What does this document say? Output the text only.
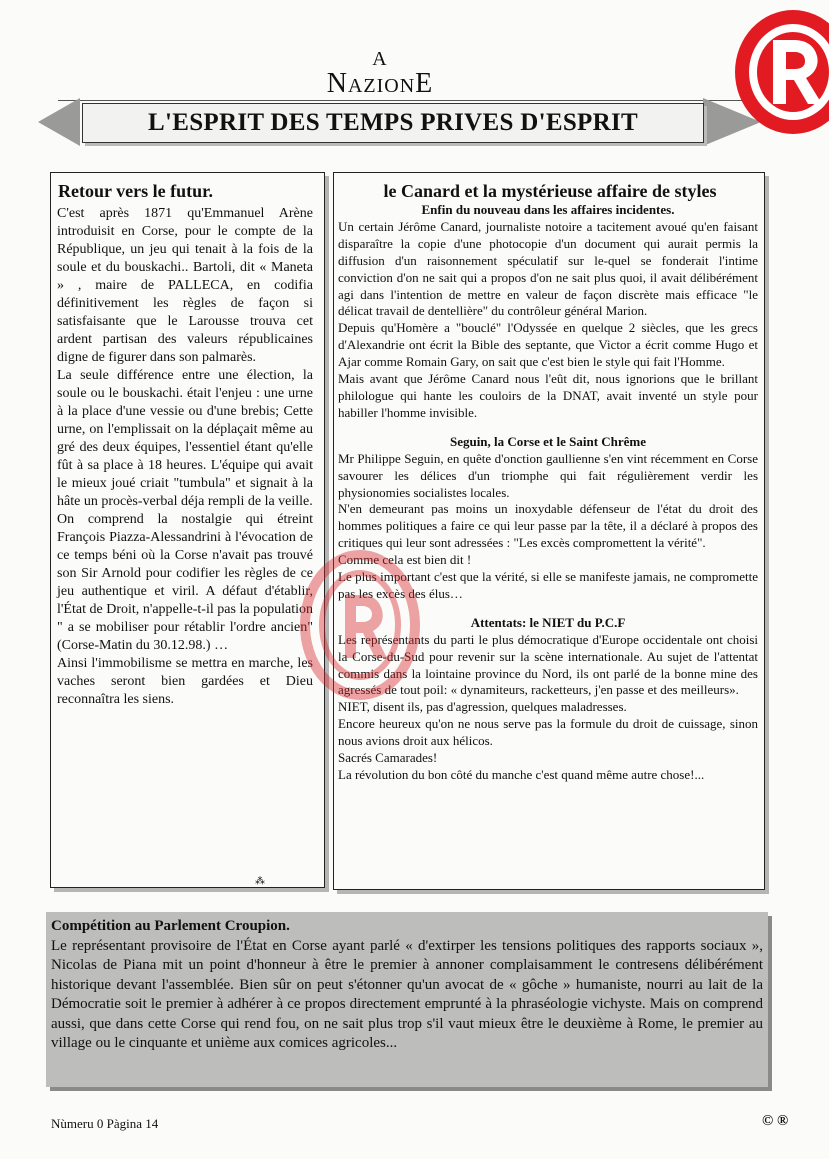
A
NazionE
L'ESPRIT DES TEMPS PRIVES D'ESPRIT
Retour vers le futur.

C'est après 1871 qu'Emmanuel Arène introduisit en Corse, pour le compte de la République, un jeu qui tenait à la fois de la soule et du bouskachi.. Bartoli, dit « Maneta » , maire de PALLECA, en codifia définitivement les règles de façon si satisfaisante que le Larousse trouva cet ardent partisan des valeurs républicaines digne de figurer dans son palmarès.

La seule différence entre une élection, la soule ou le bouskachi. était l'enjeu : une urne à la place d'une vessie ou d'une brebis; Cette urne, on l'emplissait on la déplaçait même au gré des deux équipes, l'essentiel étant qu'elle fût à sa place à 18 heures. L'équipe qui avait le mieux joué criait "tumbula" et signait à la hâte un procès-verbal déja rempli de la veille.

On comprend la nostalgie qui étreint François Piazza-Alessandrini à l'évocation de ce temps béni où la Corse n'avait pas trouvé son Sir Arnold pour codifier les règles de ce jeu authentique et viril. A défaut d'établir, l'État de Droit, n'appelle-t-il pas la population " a se mobiliser pour rétablir l'ordre ancien" (Corse-Matin du 30.12.98.) …

Ainsi l'immobilisme se mettra en marche, les vaches seront bien gardées et Dieu reconnaîtra les siens.

le Canard et la mystérieuse affaire de styles

Enfin du nouveau dans les affaires incidentes.

Un certain Jérôme Canard, journaliste notoire a tacitement avoué qu'en faisant disparaître la copie d'une photocopie d'un document qui aurait permis la diffusion d'un raisonnement spéculatif sur le-quel se fonderait l'intime conviction d'on ne sait qui a propos d'on ne sait plus quoi, il avait délibérément agi dans l'intention de mettre en valeur de façon discrète mais efficace "le délicat travail de dentellière" du contrôleur général Marion.

Depuis qu'Homère a "bouclé" l'Odyssée en quelque 2 siècles, que les grecs d'Alexandrie ont écrit la Bible des septante, que Victor a écrit comme Hugo et Ajar comme Romain Gary, on sait que c'est bien le style qui fait l'Homme.

Mais avant que Jérôme Canard nous l'eût dit, nous ignorions que le brillant philologue qui hante les couloirs de la DNAT, avait inventé un style pour habiller l'homme invisible.

Seguin, la Corse et le Saint Chrême

Mr Philippe Seguin, en quête d'onction gaullienne s'en vint récemment en Corse savourer les délices d'un triomphe qui fait régulièrement verdir les physionomies socialistes locales.

N'en demeurant pas moins un inoxydable défenseur de l'état du droit des hommes politiques a faire ce qui leur passe par la tête, il a déclaré à propos des critiques qui leur sont adressées : "Les excès compromettent la vérité".

Comme cela est bien dit !

Le plus important c'est que la vérité, si elle se manifeste jamais, ne compromette pas les excès des élus…

Attentats: le NIET du P.C.F

Les représentants du parti le plus démocratique d'Europe occidentale ont choisi la Corse-du-Sud pour revenir sur la scène internationale. Au sujet de l'attentat commis dans la lointaine province du Nord, ils ont parlé de la bonne mine des agressés de tout poil: « dynamiteurs, racketteurs, j'en passe et des meilleurs».

NIET, disent ils, pas d'agression, quelques maladresses.

Encore heureux qu'on ne nous serve pas la formule du droit de cuissage, sinon nous avions droit aux hélicos.

Sacrés Camarades!

La révolution du bon côté du manche c'est quand même autre chose!...

⁂
Compétition au Parlement Croupion.
Le représentant provisoire de l'État en Corse ayant parlé « d'extirper les tensions politiques des rapports sociaux », Nicolas de Piana mit un point d'honneur à être le premier à annoner complaisamment le contresens délibérément historique devant l'assemblée. Bien sûr on peut s'étonner qu'un avocat de « gôche » humaniste, nourri au lait de la Démocratie soit le premier à adhérer à ce propos directement emprunté à la phraséologie vichyste. Mais on comprend aussi, que dans cette Corse qui rend fou, on ne sait plus trop s'il vaut mieux être le deuxième à Rome, le premier au village ou le cinquante et unième aux comices agricoles...
Nùmeru 0 Pàgina 14	© ®
